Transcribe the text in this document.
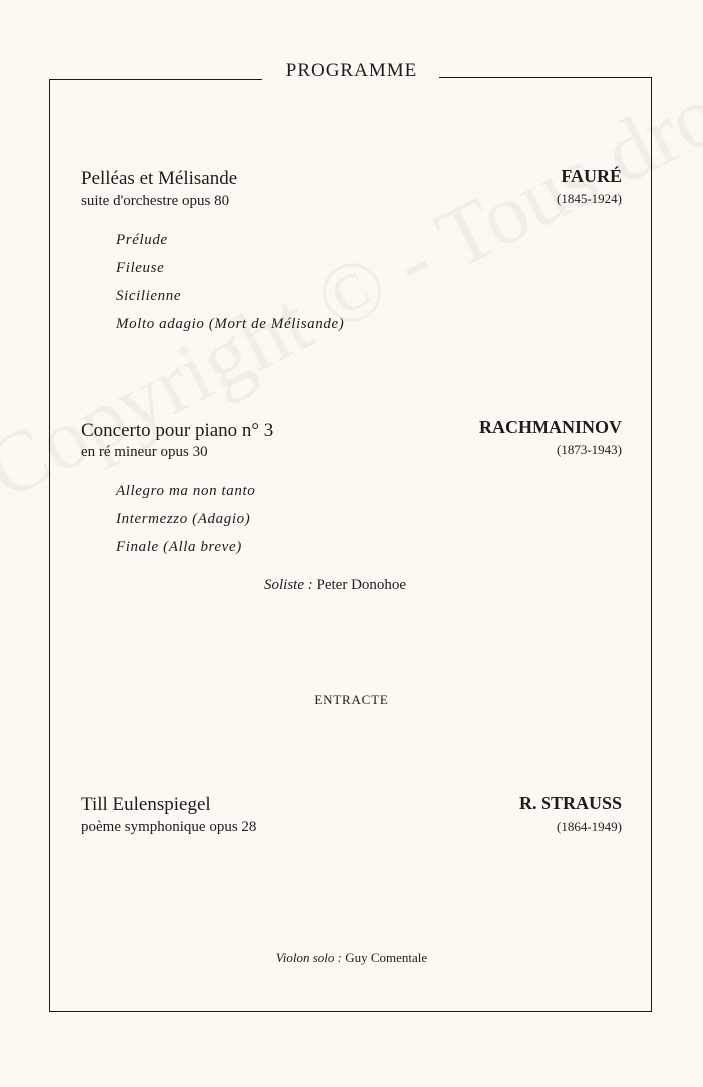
PROGRAMME
Pelléas et Mélisande
suite d'orchestre opus 80
FAURÉ
(1845-1924)
Prélude
Fileuse
Sicilienne
Molto adagio (Mort de Mélisande)
Concerto pour piano n° 3
en ré mineur opus 30
RACHMANINOV
(1873-1943)
Allegro ma non tanto
Intermezzo (Adagio)
Finale (Alla breve)
Soliste : Peter Donohoe
ENTRACTE
Till Eulenspiegel
poème symphonique opus 28
R. STRAUSS
(1864-1949)
Violon solo : Guy Comentale
